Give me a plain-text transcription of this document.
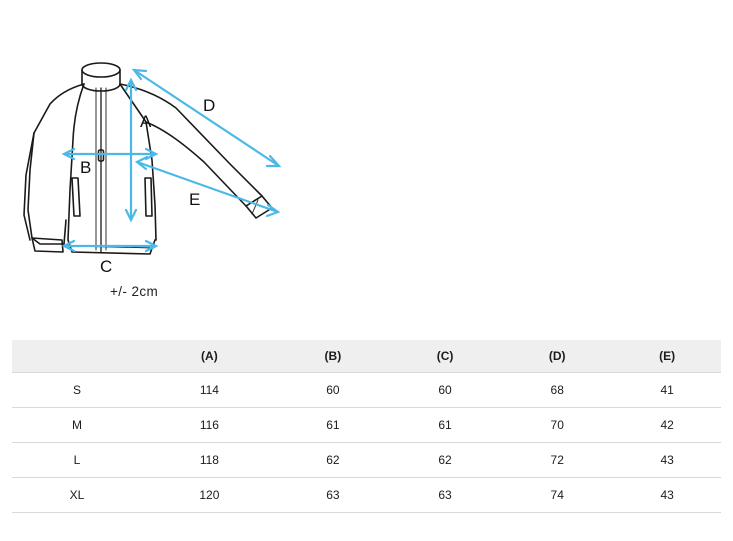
A
B
C
D
E
+/- 2cm
	(A)	(B)	(C)	(D)	(E)
S	114	60	60	68	41
M	116	61	61	70	42
L	118	62	62	72	43
XL	120	63	63	74	43
